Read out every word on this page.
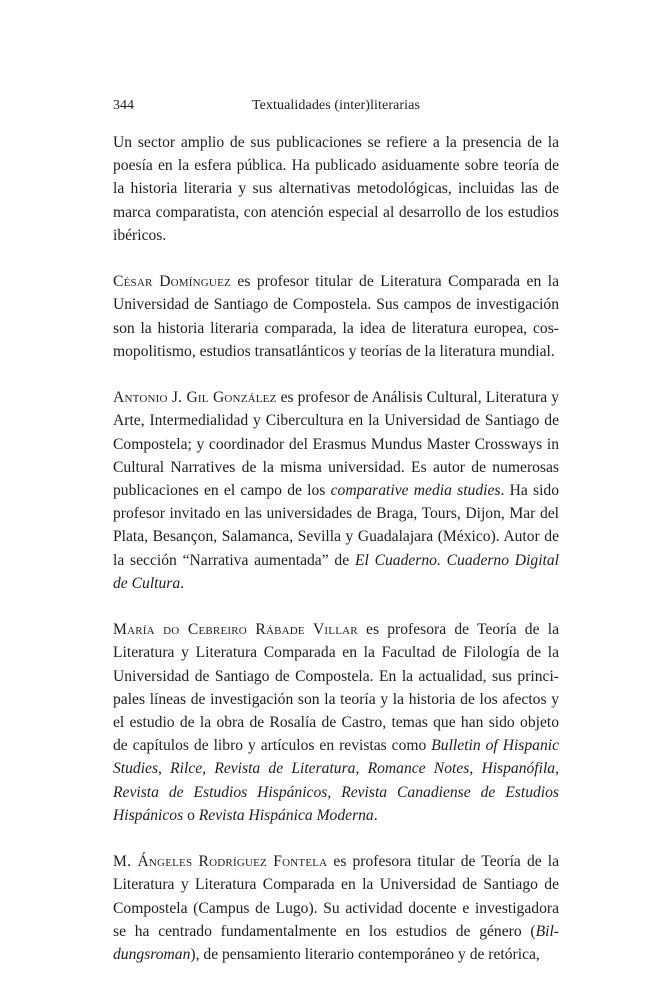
344	Textualidades (inter)literarias

Un sector amplio de sus publicaciones se refiere a la presencia de la poesía en la esfera pública. Ha publicado asiduamente sobre teoría de la historia literaria y sus alternativas metodológicas, incluidas las de marca comparatista, con atención especial al desarrollo de los estudios ibéricos.

César Domínguez es profesor titular de Literatura Comparada en la Universidad de Santiago de Compostela. Sus campos de investigación son la historia literaria comparada, la idea de literatura europea, cosmopolitismo, estudios transatlánticos y teorías de la literatura mundial.

Antonio J. Gil González es profesor de Análisis Cultural, Literatura y Arte, Intermedialidad y Cibercultura en la Universidad de Santiago de Compostela; y coordinador del Erasmus Mundus Master Crossways in Cultural Narratives de la misma universidad. Es autor de numerosas publicaciones en el campo de los comparative media studies. Ha sido profesor invitado en las universidades de Braga, Tours, Dijon, Mar del Plata, Besançon, Salamanca, Sevilla y Guadalajara (México). Autor de la sección “Narrativa aumentada” de El Cuaderno. Cuaderno Digital de Cultura.

María do Cebreiro Rábade Villar es profesora de Teoría de la Literatura y Literatura Comparada en la Facultad de Filología de la Universidad de Santiago de Compostela. En la actualidad, sus principales líneas de investigación son la teoría y la historia de los afectos y el estudio de la obra de Rosalía de Castro, temas que han sido objeto de capítulos de libro y artículos en revistas como Bulletin of Hispanic Studies, Rilce, Revista de Literatura, Romance Notes, Hispanófila, Revista de Estudios Hispánicos, Revista Canadiense de Estudios Hispánicos o Revista Hispánica Moderna.

M. Ángeles Rodríguez Fontela es profesora titular de Teoría de la Literatura y Literatura Comparada en la Universidad de Santiago de Compostela (Campus de Lugo). Su actividad docente e investigadora se ha centrado fundamentalmente en los estudios de género (Bildungsroman), de pensamiento literario contemporáneo y de retórica,
